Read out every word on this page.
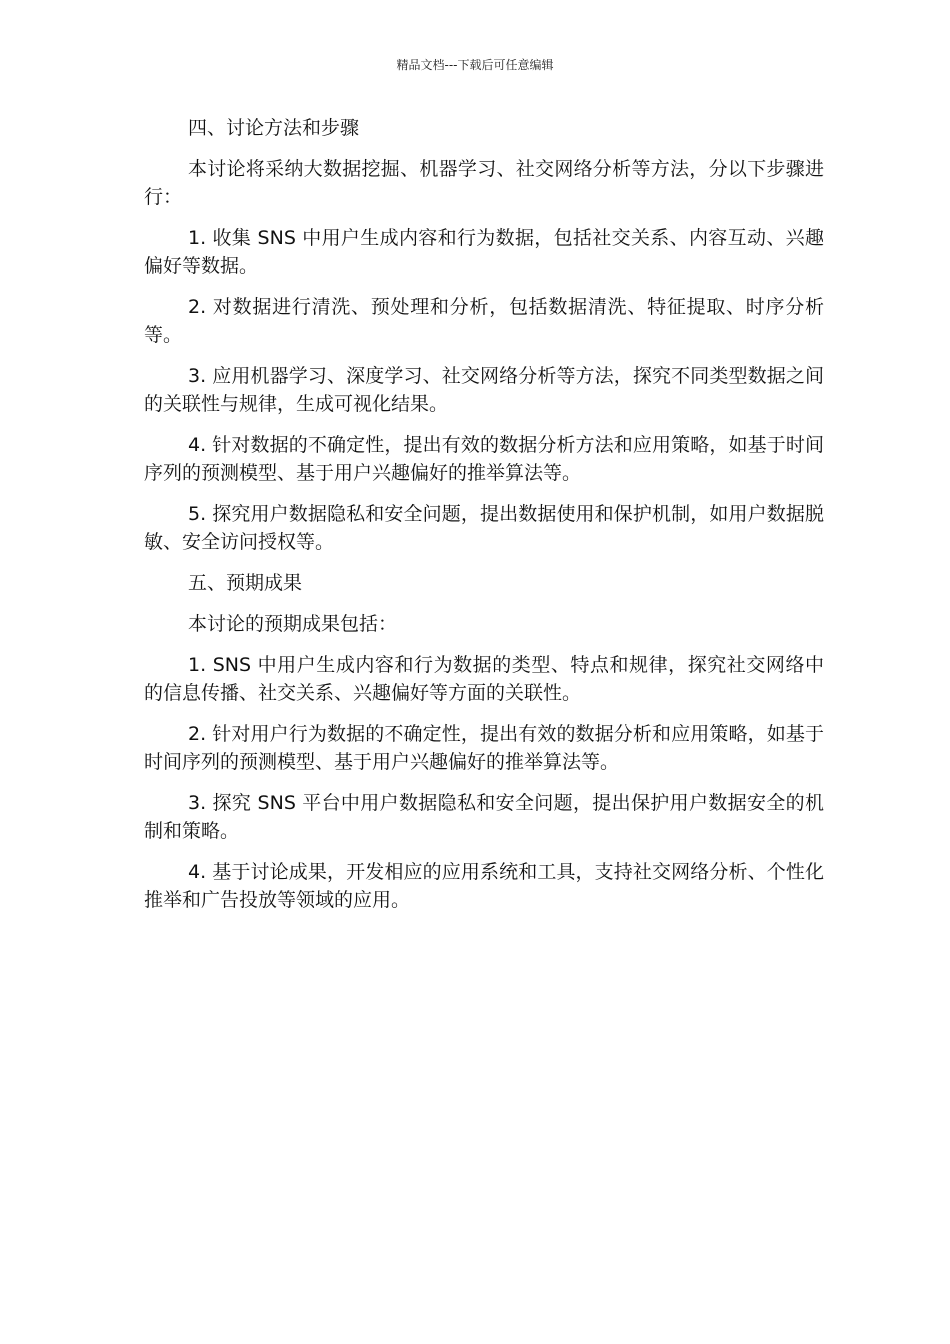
精品文档---下载后可任意编辑

四、讨论方法和步骤

本讨论将采纳大数据挖掘、机器学习、社交网络分析等方法，分以下步骤进行：

1. 收集 SNS 中用户生成内容和行为数据，包括社交关系、内容互动、兴趣偏好等数据。

2. 对数据进行清洗、预处理和分析，包括数据清洗、特征提取、时序分析等。

3. 应用机器学习、深度学习、社交网络分析等方法，探究不同类型数据之间的关联性与规律，生成可视化结果。

4. 针对数据的不确定性，提出有效的数据分析方法和应用策略，如基于时间序列的预测模型、基于用户兴趣偏好的推举算法等。

5. 探究用户数据隐私和安全问题，提出数据使用和保护机制，如用户数据脱敏、安全访问授权等。

五、预期成果

本讨论的预期成果包括：

1. SNS 中用户生成内容和行为数据的类型、特点和规律，探究社交网络中的信息传播、社交关系、兴趣偏好等方面的关联性。

2. 针对用户行为数据的不确定性，提出有效的数据分析和应用策略，如基于时间序列的预测模型、基于用户兴趣偏好的推举算法等。

3. 探究 SNS 平台中用户数据隐私和安全问题，提出保护用户数据安全的机制和策略。

4. 基于讨论成果，开发相应的应用系统和工具，支持社交网络分析、个性化推举和广告投放等领域的应用。
